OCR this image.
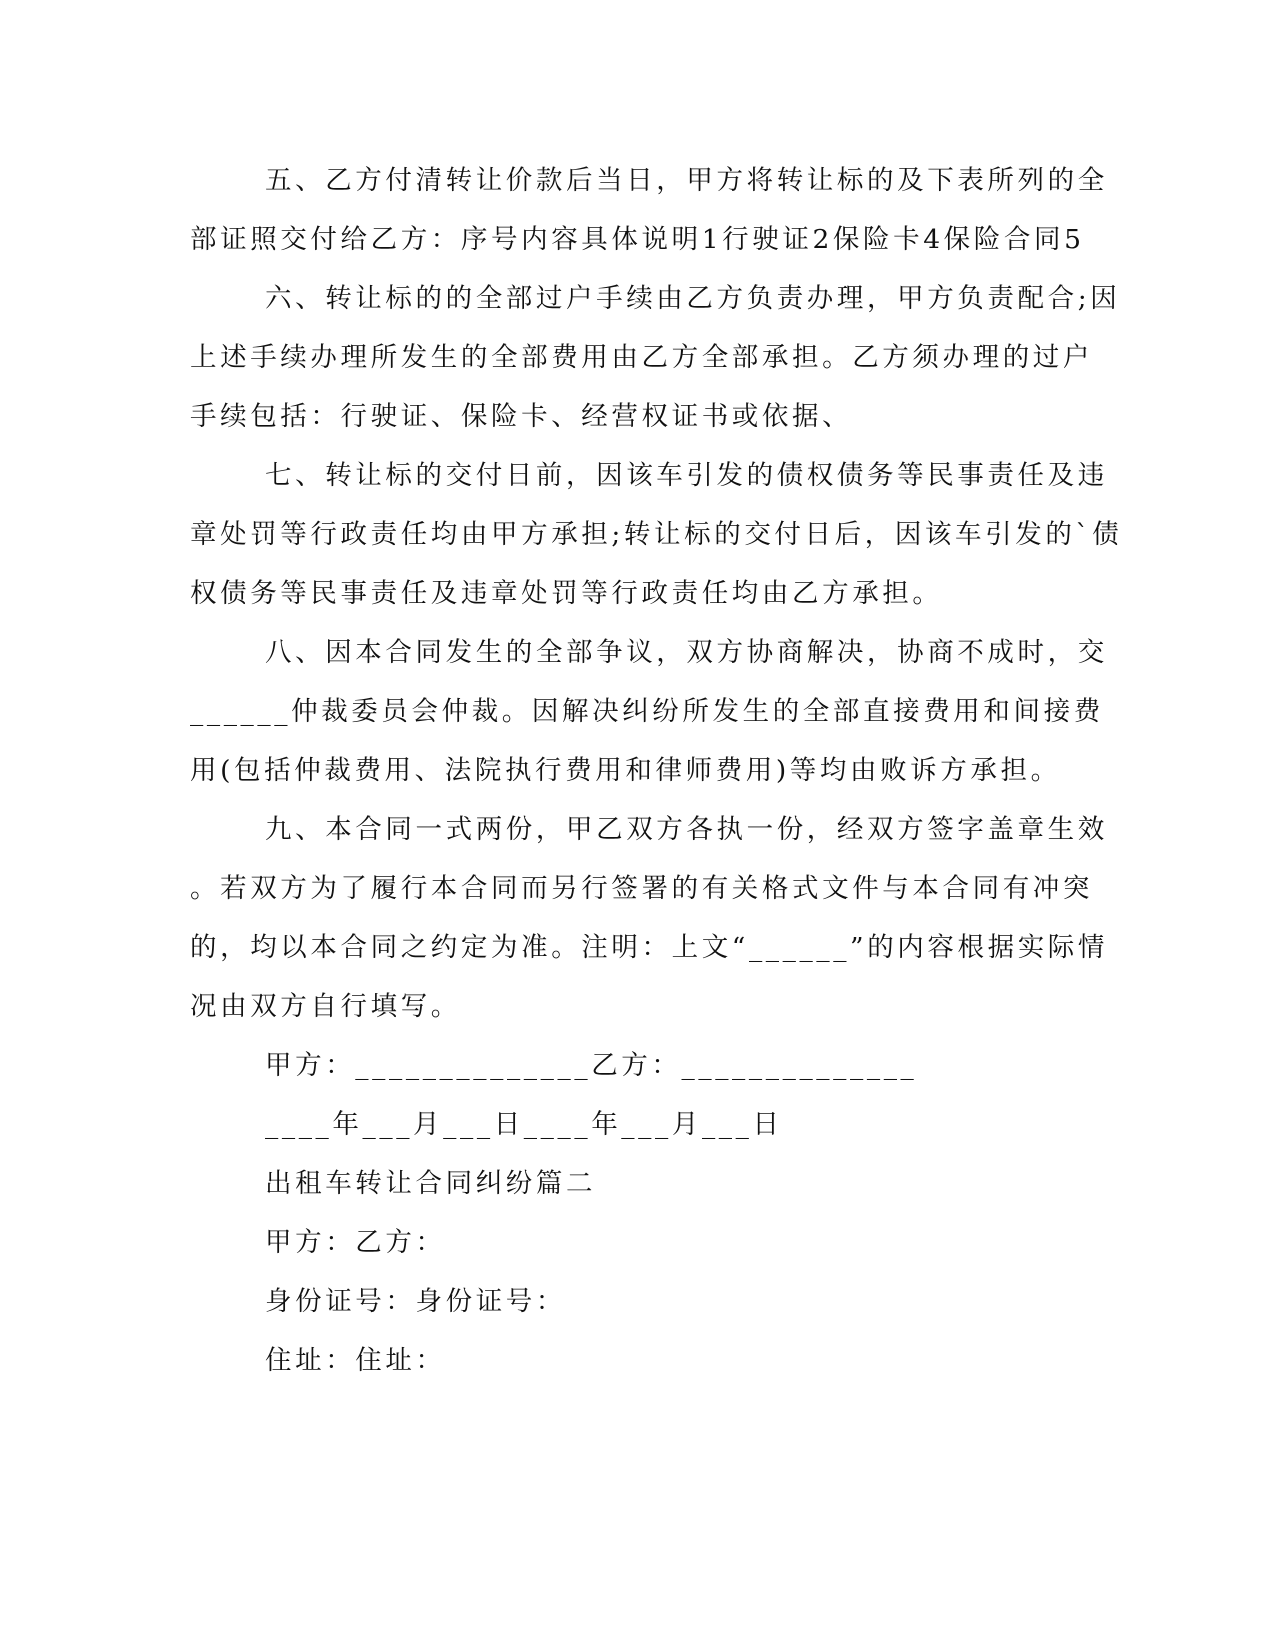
五、乙方付清转让价款后当日，甲方将转让标的及下表所列的全
部证照交付给乙方：序号内容具体说明1行驶证2保险卡4保险合同5
六、转让标的的全部过户手续由乙方负责办理，甲方负责配合;因
上述手续办理所发生的全部费用由乙方全部承担。乙方须办理的过户
手续包括：行驶证、保险卡、经营权证书或依据、
七、转让标的交付日前，因该车引发的债权债务等民事责任及违
章处罚等行政责任均由甲方承担;转让标的交付日后，因该车引发的`债
权债务等民事责任及违章处罚等行政责任均由乙方承担。
八、因本合同发生的全部争议，双方协商解决，协商不成时，交
______仲裁委员会仲裁。因解决纠纷所发生的全部直接费用和间接费
用(包括仲裁费用、法院执行费用和律师费用)等均由败诉方承担。
九、本合同一式两份，甲乙双方各执一份，经双方签字盖章生效
。若双方为了履行本合同而另行签署的有关格式文件与本合同有冲突
的，均以本合同之约定为准。注明：上文“______”的内容根据实际情
况由双方自行填写。
甲方：______________乙方：______________
____年___月___日____年___月___日
出租车转让合同纠纷篇二
甲方：乙方：
身份证号：身份证号：
住址：住址：
